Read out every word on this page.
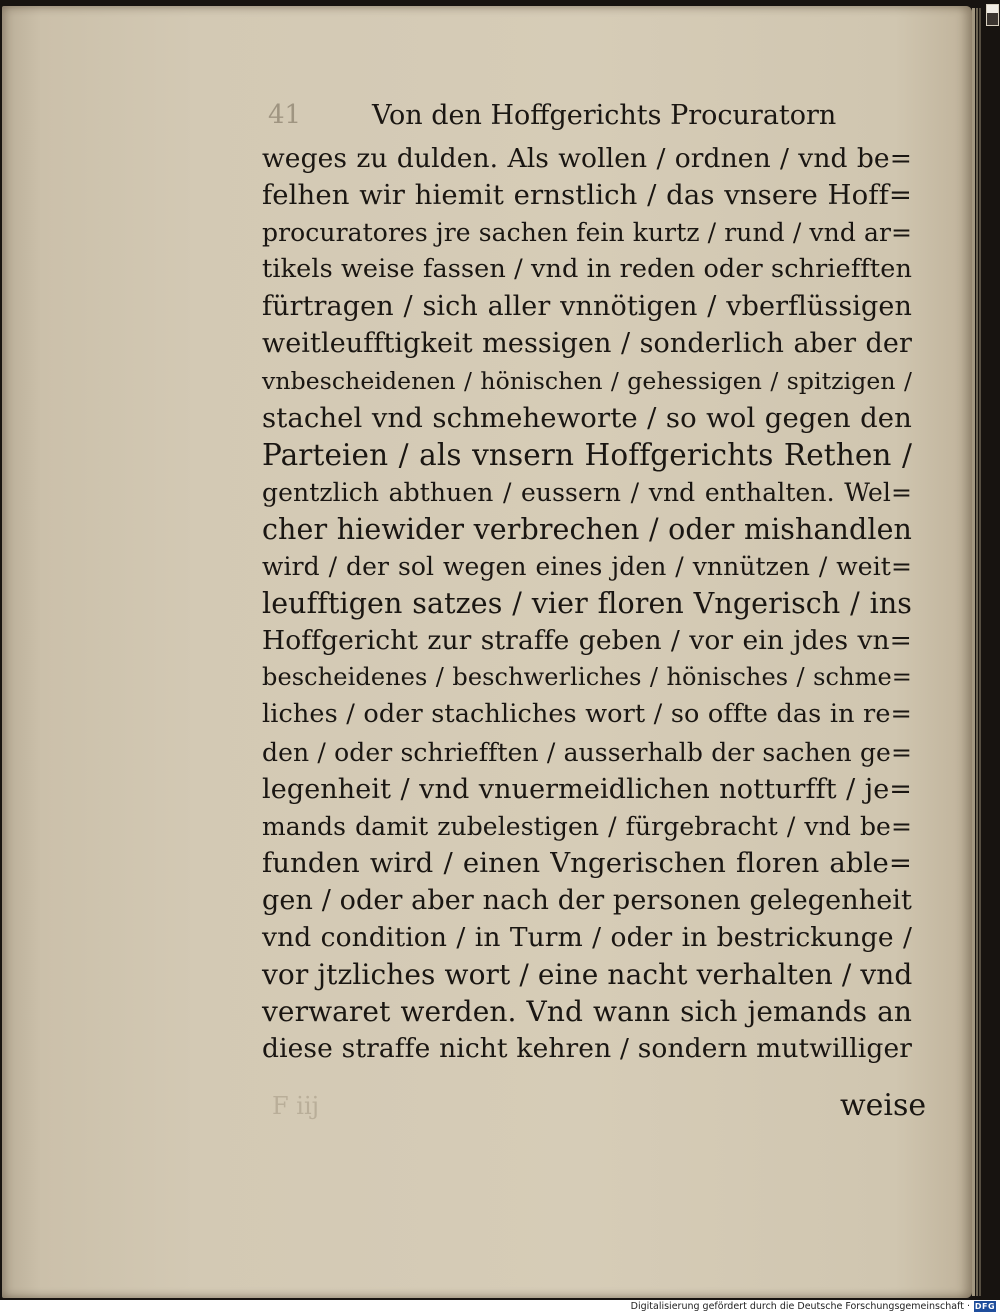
41	Von den Hoffgerichts Procuratorn
weges zu dulden. Als wollen / ordnen / vnd be=
felhen wir hiemit ernstlich / das vnsere Hoff=
procuratores jre sachen fein kurtz / rund / vnd ar=
tikels weise fassen / vnd in reden oder schriefften
fürtragen / sich aller vnnötigen / vberflüssigen
weitleufftigkeit messigen / sonderlich aber der
vnbescheidenen / hönischen / gehessigen / spitzigen /
stachel vnd schmeheworte / so wol gegen den
Parteien / als vnsern Hoffgerichts Rethen /
gentzlich abthuen / eussern / vnd enthalten. Wel=
cher hiewider verbrechen / oder mishandlen
wird / der sol wegen eines jden / vnnützen / weit=
leufftigen satzes / vier floren Vngerisch / ins
Hoffgericht zur straffe geben / vor ein jdes vn=
bescheidenes / beschwerliches / hönisches / schme=
liches / oder stachliches wort / so offte das in re=
den / oder schriefften / ausserhalb der sachen ge=
legenheit / vnd vnuermeidlichen notturfft / je=
mands damit zubelestigen / fürgebracht / vnd be=
funden wird / einen Vngerischen floren able=
gen / oder aber nach der personen gelegenheit
vnd condition / in Turm / oder in bestrickunge /
vor jtzliches wort / eine nacht verhalten / vnd
verwaret werden. Vnd wann sich jemands an
diese straffe nicht kehren / sondern mutwilliger
F iij	weise
Digitalisierung gefördert durch die Deutsche Forschungsgemeinschaft · DFG
